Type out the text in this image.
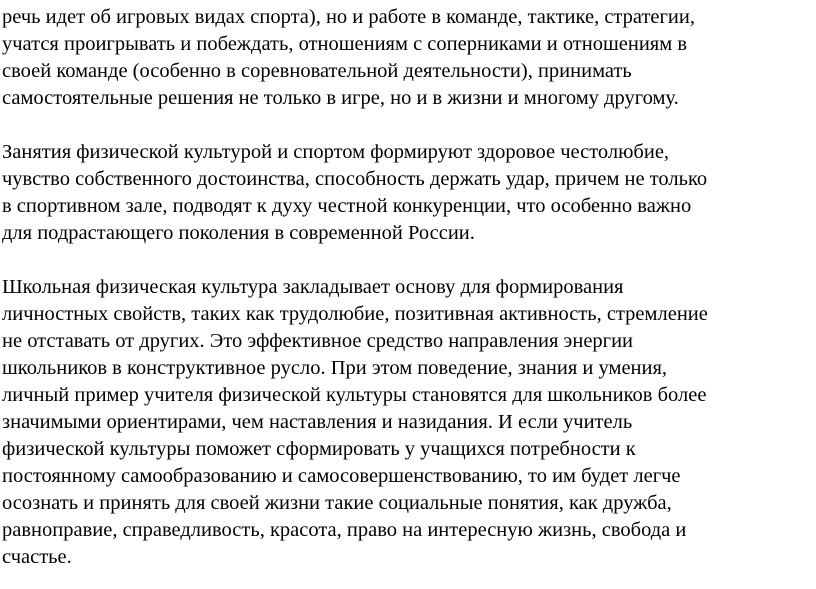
речь идет об игровых видах спорта), но и работе в команде, тактике, стратегии,
учатся проигрывать и побеждать, отношениям с соперниками и отношениям в
своей команде (особенно в соревновательной деятельности), принимать
самостоятельные решения не только в игре, но и в жизни и многому другому.

Занятия физической культурой и спортом формируют здоровое честолюбие,
чувство собственного достоинства, способность держать удар, причем не только
в спортивном зале, подводят к духу честной конкуренции, что особенно важно
для подрастающего поколения в современной России.

Школьная физическая культура закладывает основу для формирования
личностных свойств, таких как трудолюбие, позитивная активность, стремление
не отставать от других. Это эффективное средство направления энергии
школьников в конструктивное русло. При этом поведение, знания и умения,
личный пример учителя физической культуры становятся для школьников более
значимыми ориентирами, чем наставления и назидания. И если учитель
физической культуры поможет сформировать у учащихся потребности к
постоянному самообразованию и самосовершенствованию, то им будет легче
осознать и принять для своей жизни такие социальные понятия, как дружба,
равноправие, справедливость, красота, право на интересную жизнь, свобода и
счастье.
